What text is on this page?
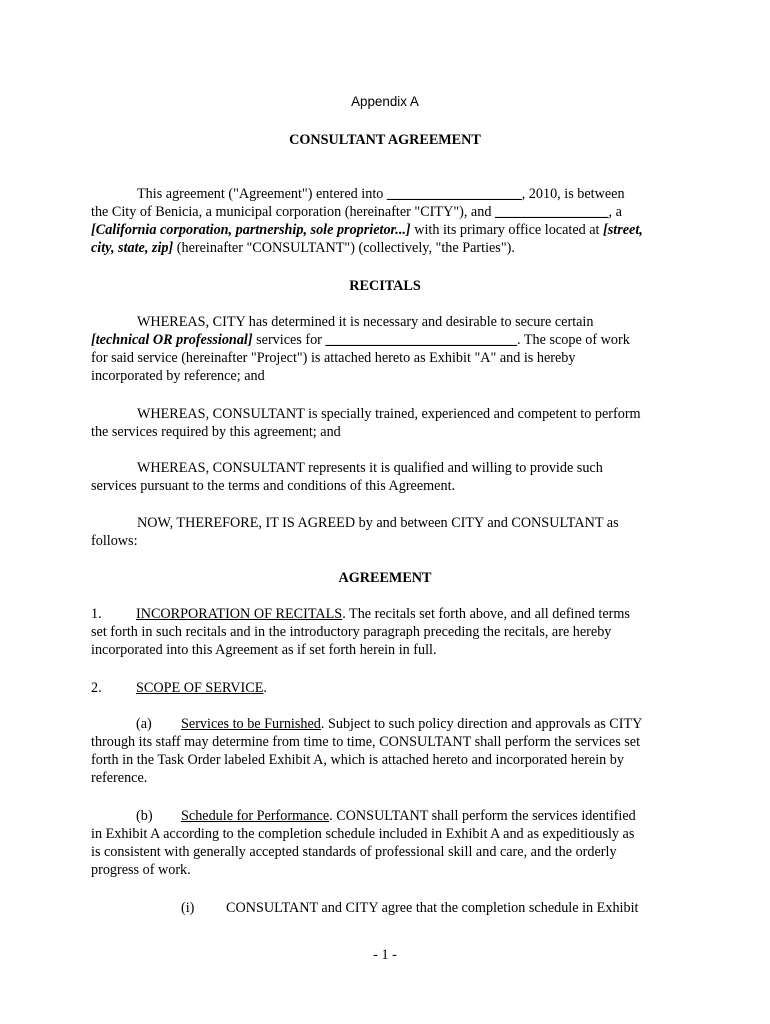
Appendix A
CONSULTANT AGREEMENT
This agreement ("Agreement") entered into ___________________, 2010, is between
the City of Benicia, a municipal corporation (hereinafter "CITY"), and ________________, a
[California corporation, partnership, sole proprietor...] with its primary office located at [street,
city, state, zip] (hereinafter "CONSULTANT") (collectively, "the Parties").
RECITALS
WHEREAS, CITY has determined it is necessary and desirable to secure certain
[technical OR professional] services for ___________________________. The scope of work
for said service (hereinafter "Project") is attached hereto as Exhibit "A" and is hereby
incorporated by reference; and
WHEREAS, CONSULTANT is specially trained, experienced and competent to perform
the services required by this agreement; and
WHEREAS, CONSULTANT represents it is qualified and willing to provide such
services pursuant to the terms and conditions of this Agreement.
NOW, THEREFORE, IT IS AGREED by and between CITY and CONSULTANT as
follows:
AGREEMENT
1. INCORPORATION OF RECITALS. The recitals set forth above, and all defined terms
set forth in such recitals and in the introductory paragraph preceding the recitals, are hereby
incorporated into this Agreement as if set forth herein in full.
2. SCOPE OF SERVICE.
(a) Services to be Furnished. Subject to such policy direction and approvals as CITY
through its staff may determine from time to time, CONSULTANT shall perform the services set
forth in the Task Order labeled Exhibit A, which is attached hereto and incorporated herein by
reference.
(b) Schedule for Performance. CONSULTANT shall perform the services identified
in Exhibit A according to the completion schedule included in Exhibit A and as expeditiously as
is consistent with generally accepted standards of professional skill and care, and the orderly
progress of work.
(i) CONSULTANT and CITY agree that the completion schedule in Exhibit
- 1 -
